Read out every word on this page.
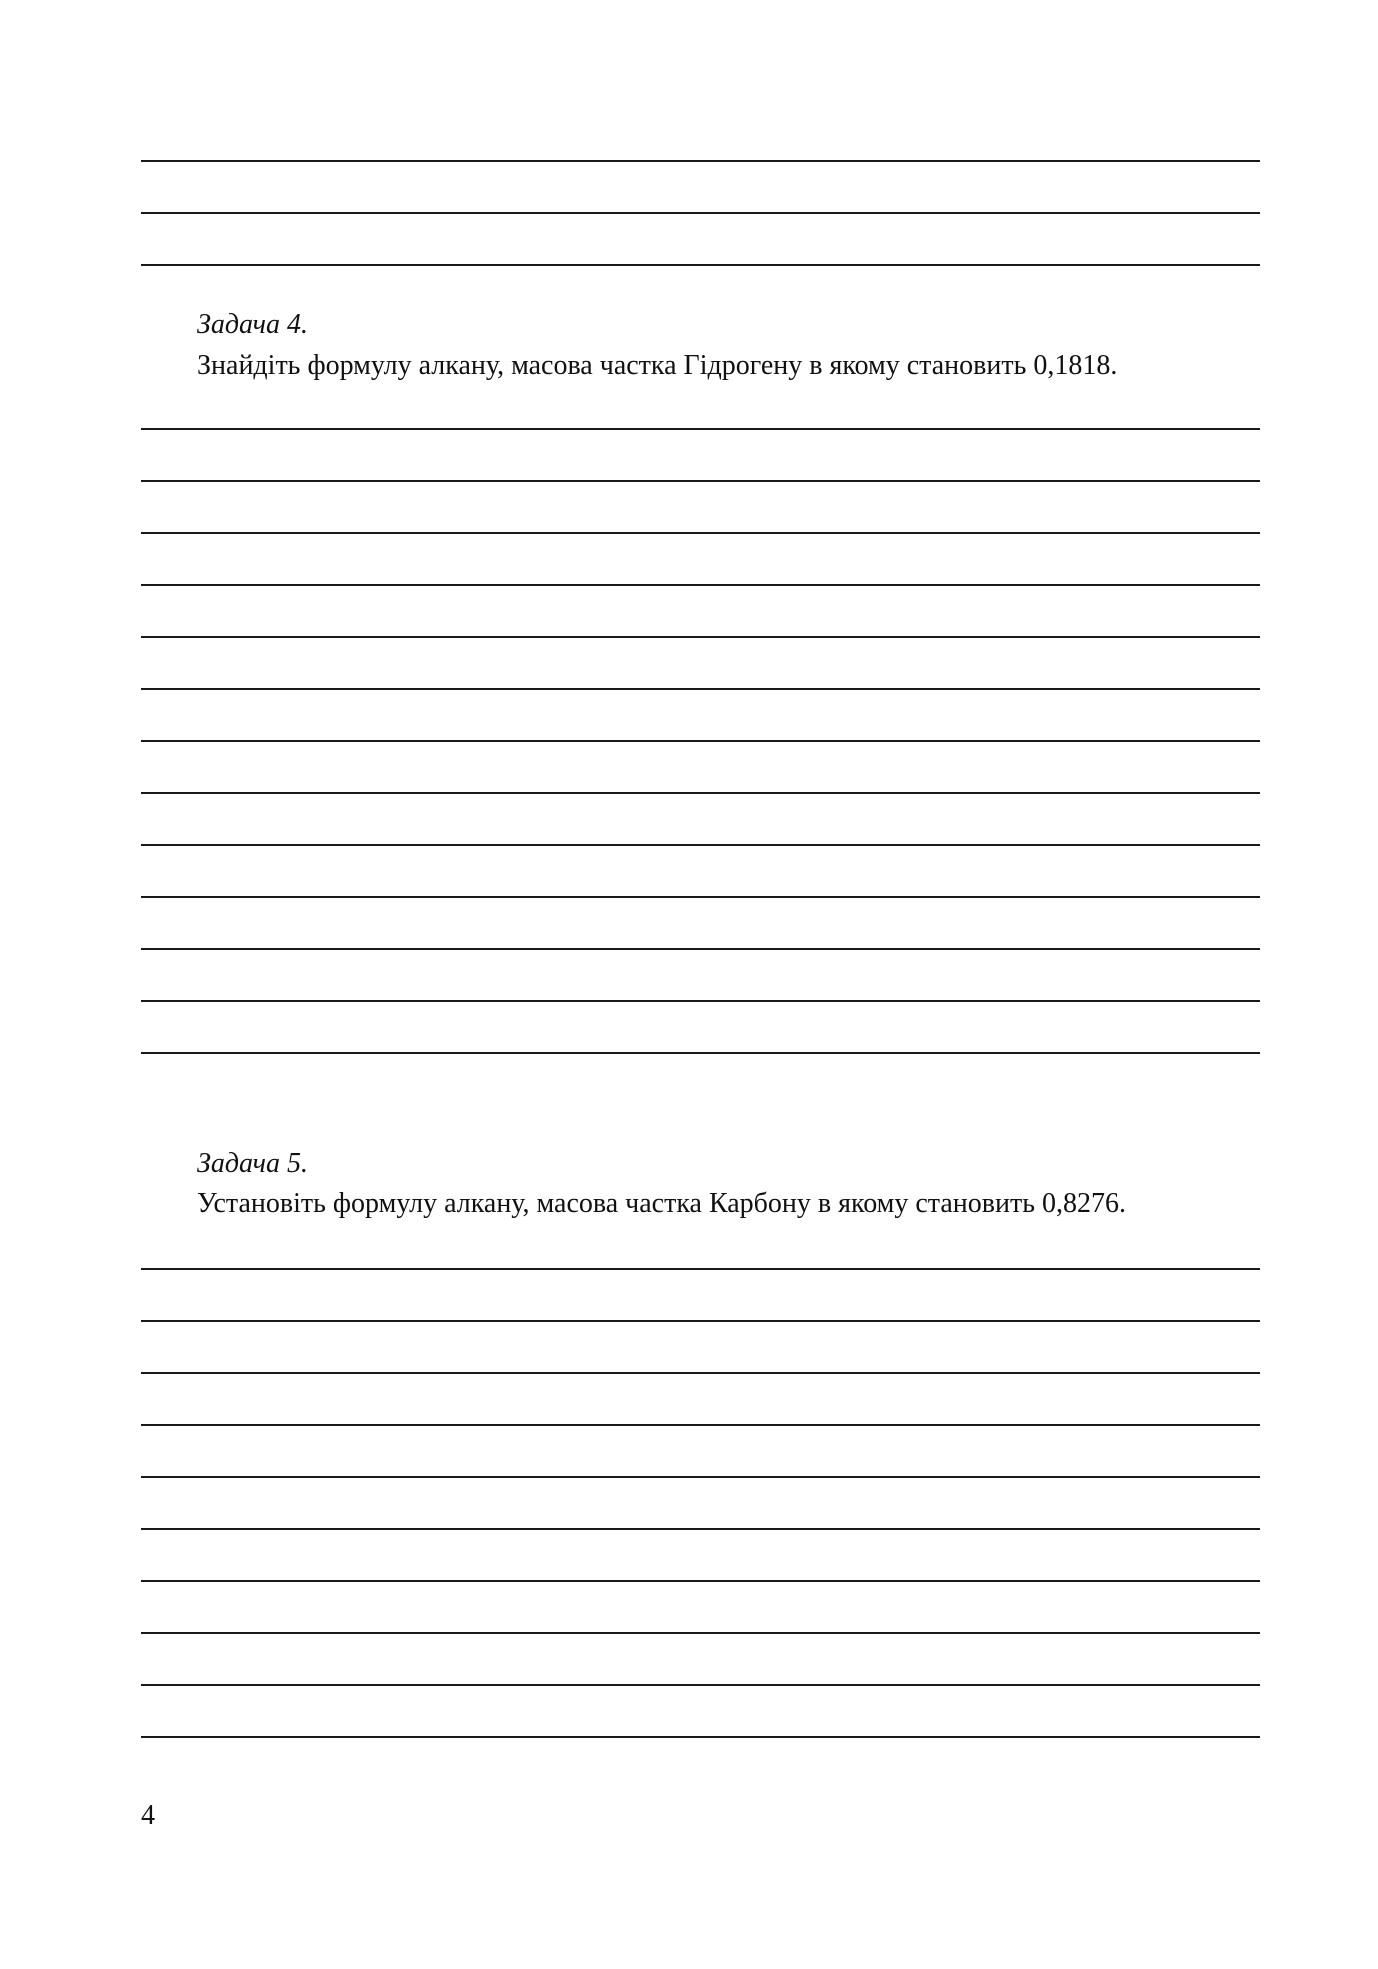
Задача 4.

Знайдіть формулу алкану, масова частка Гідрогену в якому становить 0,1818.

Задача 5.

Установіть формулу алкану, масова частка Карбону в якому становить 0,8276.

4
